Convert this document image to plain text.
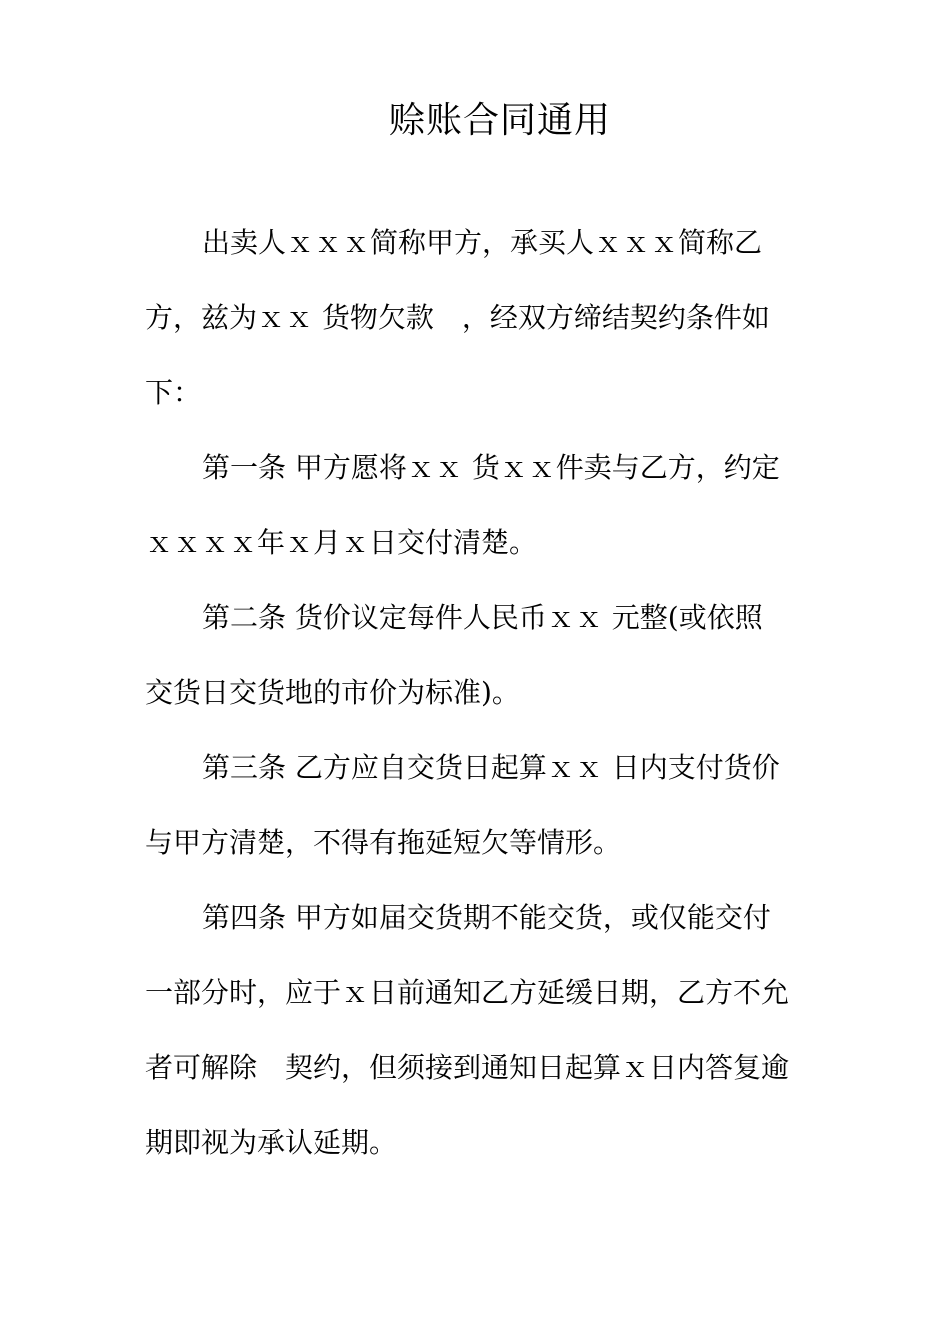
赊账合同通用
出卖人ｘｘｘ简称甲方，承买人ｘｘｘ简称乙
方，兹为ｘｘ 货物欠款　，经双方缔结契约条件如
下：
第一条 甲方愿将ｘｘ 货ｘｘ件卖与乙方，约定
ｘｘｘｘ年ｘ月ｘ日交付清楚。
第二条 货价议定每件人民币ｘｘ 元整(或依照
交货日交货地的市价为标准)。
第三条 乙方应自交货日起算ｘｘ 日内支付货价
与甲方清楚，不得有拖延短欠等情形。
第四条 甲方如届交货期不能交货，或仅能交付
一部分时，应于ｘ日前通知乙方延缓日期，乙方不允
者可解除　契约，但须接到通知日起算ｘ日内答复逾
期即视为承认延期。
